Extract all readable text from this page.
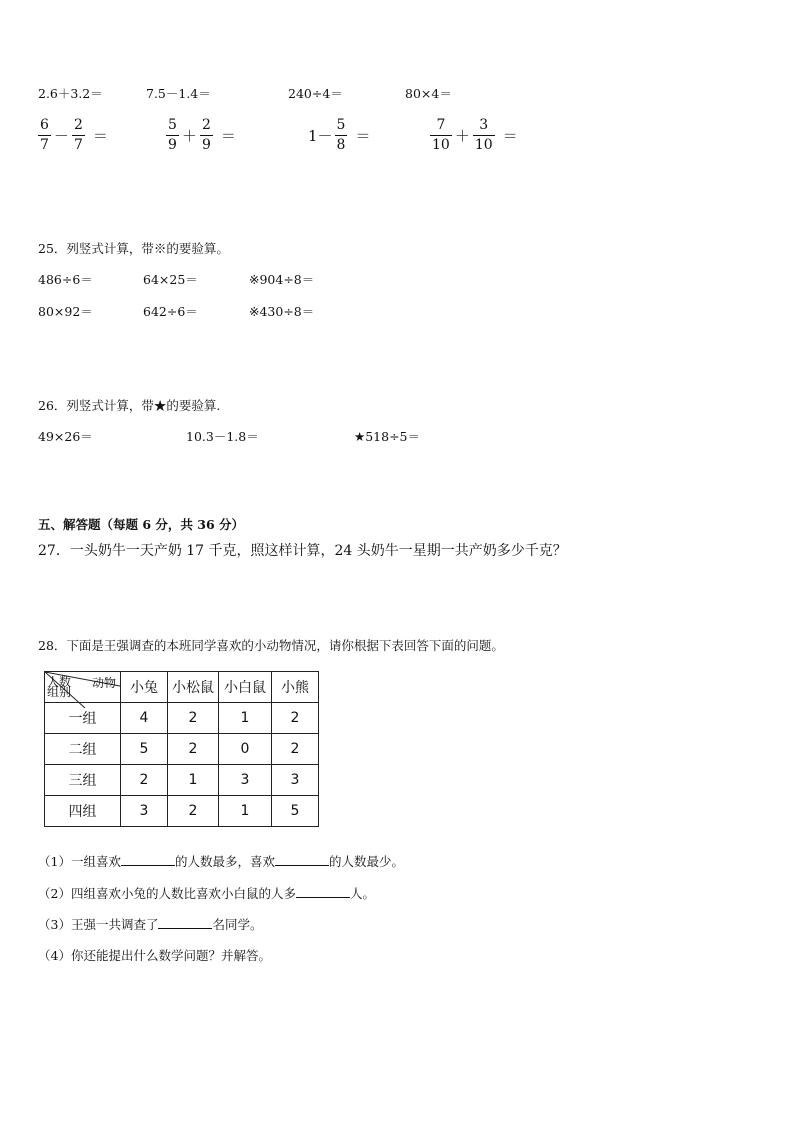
2.6＋3.2＝	7.5－1.4＝	240÷4＝	80×4＝
$\frac{6}{7} - \frac{2}{7}$ ＝	$\frac{5}{9} + \frac{2}{9}$ ＝	$1- \frac{5}{8}$ ＝	$\frac{7}{10} + \frac{3}{10}$ ＝
25．列竖式计算，带※的要验算。
486÷6＝	64×25＝	※904÷8＝
80×92＝	642÷6＝	※430÷8＝
26．列竖式计算，带★的要验算.
49×26＝	10.3－1.8＝	★518÷5＝
五、解答题（每题 6 分，共 36 分）
27．一头奶牛一天产奶 17 千克，照这样计算，24 头奶牛一星期一共产奶多少千克？
28．下面是王强调查的本班同学喜欢的小动物情况，请你根据下表回答下面的问题。
人数 动物
组别	小兔	小松鼠	小白鼠	小熊
一组	4	2	1	2
二组	5	2	0	2
三组	2	1	3	3
四组	3	2	1	5
（1）一组喜欢	的人数最多，喜欢	的人数最少。
（2）四组喜欢小兔的人数比喜欢小白鼠的人多	人。
（3）王强一共调查了	名同学。
（4）你还能提出什么数学问题？并解答。
